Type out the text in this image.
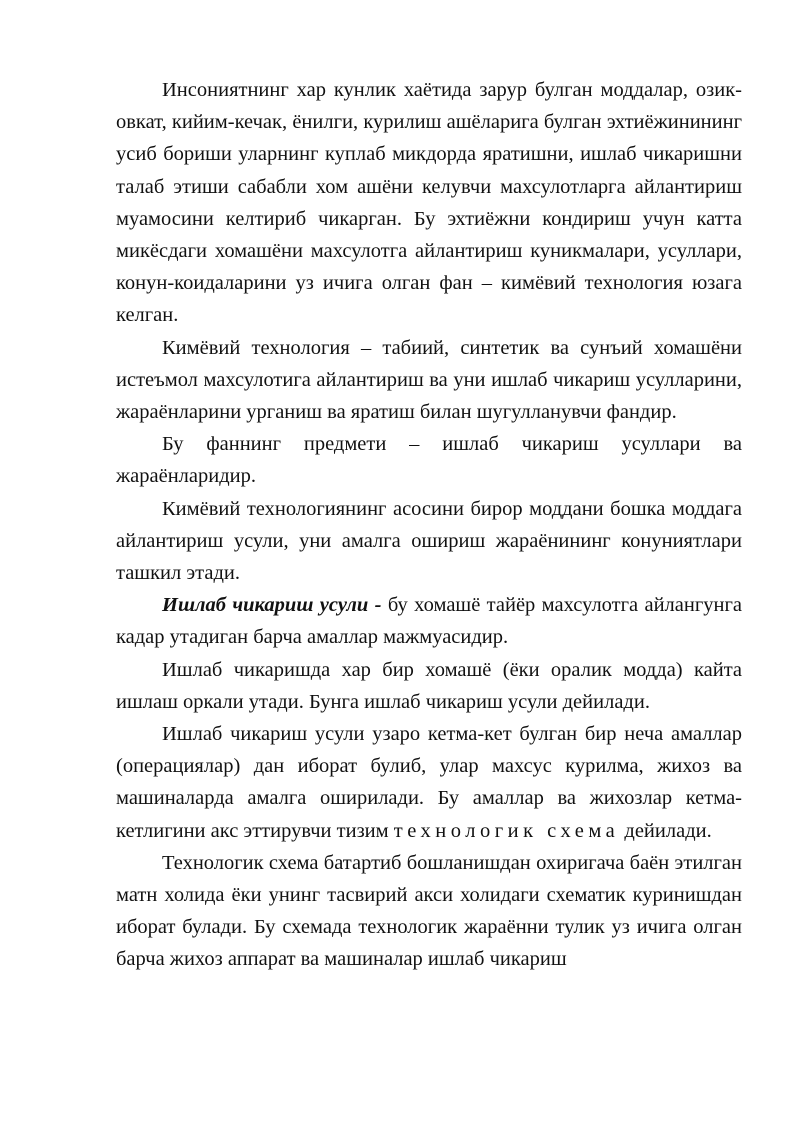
Инсониятнинг хар кунлик хаётида зарур булган моддалар, озик-овкат, кийим-кечак, ёнилги, курилиш ашёларига булган эхтиёжинининг усиб бориши уларнинг куплаб микдорда яратишни, ишлаб чикаришни талаб этиши сабабли хом ашёни келувчи махсулотларга айлантириш муамосини келтириб чикарган. Бу эхтиёжни кондириш учун катта микёсдаги хомашёни махсулотга айлантириш куникмалари, усуллари, конун-коидаларини уз ичига олган фан – кимёвий технология юзага келган.

Кимёвий технология – табиий, синтетик ва сунъий хомашёни истеъмол махсулотига айлантириш ва уни ишлаб чикариш усулларини, жараёнларини урганиш ва яратиш билан шугулланувчи фандир.

Бу фаннинг предмети – ишлаб чикариш усуллари ва жараёнларидир.

Кимёвий технологиянинг асосини бирор моддани бошка моддага айлантириш усули, уни амалга ошириш жараёнининг конуниятлари ташкил этади.

Ишлаб чикариш усули - бу хомашё тайёр махсулотга айлангунга кадар утадиган барча амаллар мажмуасидир.

Ишлаб чикаришда хар бир хомашё (ёки оралик модда) кайта ишлаш оркали утади. Бунга ишлаб чикариш усули дейилади.

Ишлаб чикариш усули узаро кетма-кет булган бир неча амаллар (операциялар) дан иборат булиб, улар махсус курилма, жихоз ва машиналарда амалга оширилади. Бу амаллар ва жихозлар кетма-кетлигини акс эттирувчи тизим технологик схема дейилади.

Технологик схема батартиб бошланишдан охиригача баён этилган матн холида ёки унинг тасвирий акси холидаги схематик куринишдан иборат булади. Бу схемада технологик жараённи тулик уз ичига олган барча жихоз аппарат ва машиналар ишлаб чикариш
